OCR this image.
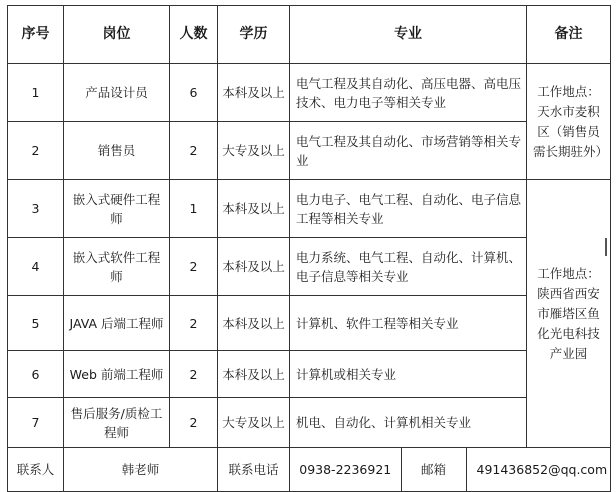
序号	岗位	人数	学历	专业	备注
1	产品设计员	6	本科及以上	电气工程及其自动化、高压电器、高电压技术、电力电子等相关专业	工作地点：天水市麦积区（销售员需长期驻外）
2	销售员	2	大专及以上	电气工程及其自动化、市场营销等相关专业
3	嵌入式硬件工程师	1	本科及以上	电力电子、电气工程、自动化、电子信息工程等相关专业	工作地点：陕西省西安市雁塔区鱼化光电科技产业园
4	嵌入式软件工程师	2	本科及以上	电力系统、电气工程、自动化、计算机、电子信息等相关专业
5	JAVA 后端工程师	2	本科及以上	计算机、软件工程等相关专业
6	Web 前端工程师	2	本科及以上	计算机或相关专业
7	售后服务/质检工程师	2	大专及以上	机电、自动化、计算机相关专业
联系人	韩老师	联系电话	0938-2236921	邮箱	491436852@qq.com
